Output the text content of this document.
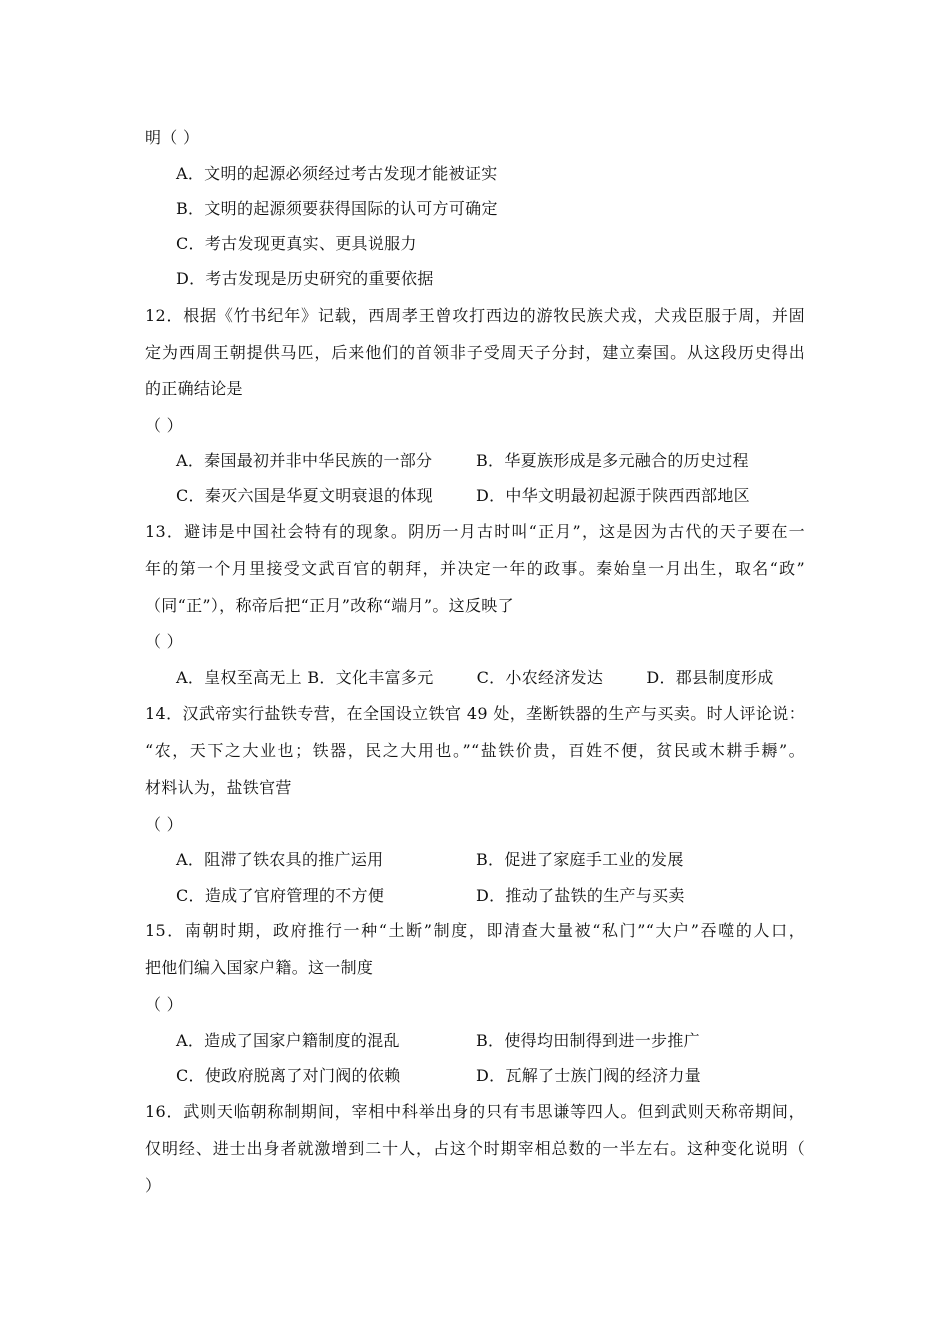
明（ ）
A．文明的起源必须经过考古发现才能被证实
B．文明的起源须要获得国际的认可方可确定
C．考古发现更真实、更具说服力
D．考古发现是历史研究的重要依据
12．根据《竹书纪年》记载，西周孝王曾攻打西边的游牧民族犬戎，犬戎臣服于周，并固
定为西周王朝提供马匹，后来他们的首领非子受周天子分封，建立秦国。从这段历史得出
的正确结论是
（ ）
A．秦国最初并非中华民族的一部分	B．华夏族形成是多元融合的历史过程
C．秦灭六国是华夏文明衰退的体现	D．中华文明最初起源于陕西西部地区
13．避讳是中国社会特有的现象。阴历一月古时叫“正月”，这是因为古代的天子要在一
年的第一个月里接受文武百官的朝拜，并决定一年的政事。秦始皇一月出生，取名“政”
（同“正”），称帝后把“正月”改称“端月”。这反映了
（ ）
A．皇权至高无上 B．文化丰富多元        C．小农经济发达        D．郡县制度形成
14．汉武帝实行盐铁专营，在全国设立铁官 49 处，垄断铁器的生产与买卖。时人评论说：
“农，天下之大业也；铁器，民之大用也。”“盐铁价贵，百姓不便，贫民或木耕手耨”。
材料认为，盐铁官营
（ ）
A．阻滞了铁农具的推广运用	B．促进了家庭手工业的发展
C．造成了官府管理的不方便	D．推动了盐铁的生产与买卖
15．南朝时期，政府推行一种“土断”制度，即清查大量被“私门”“大户”吞噬的人口，
把他们编入国家户籍。这一制度
（ ）
A．造成了国家户籍制度的混乱	B．使得均田制得到进一步推广
C．使政府脱离了对门阀的依赖	D．瓦解了士族门阀的经济力量
16．武则天临朝称制期间，宰相中科举出身的只有韦思谦等四人。但到武则天称帝期间，
仅明经、进士出身者就激增到二十人，占这个时期宰相总数的一半左右。这种变化说明（
）
